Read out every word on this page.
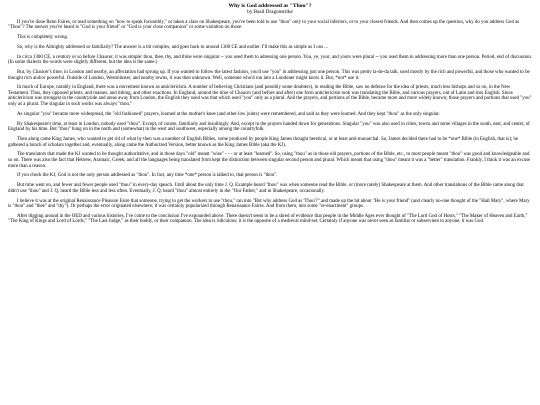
Why is God addressed as "Thou"?
by Basil Dragonstrike

If you've done Renn Faires, or read something on "how to speak forsoothly," or taken a class on Shakespeare, you've been told to use "thou" only to your social inferiors, or to your closest friends. And then comes up the question, why do you address God as "Thou"? The answer you've heard is "God is your friend" or "God is your close companion" or some variation on those.

This is completely wrong.

So, why is the Almighty addressed so familiarly? The answer is a bit complex, and goes back to around 1300 CE and earlier. I'll make this as simple as I can ...

In circa 1300 CE, a century or so before Chaucer, it was simple: thou, thee, thy, and thine were singular -- you used them to adressing one person. You, ye, your, and yours were plural -- you used them in addressing more than one person. Period, end of discussion. (In some dialects the words were slightly different, but the idea is the same.)

But, by Chaucer's time, in London and nearby, an affectation had sprung up. If you wanted to follow the latest fashion, you'd use "you" in addressing just one person. This was pretty la-de-da talk, used mostly by the rich and powerful, and those who wanted to be thought rich and/or powerful. Outside of London, Westminster, and nearby towns, it was then unknown. Well, someone who'd run into a Londoner might know it. But, *not* use it.

In much of Europe, notably in England, there was a movement known as anticlericism. A number of believing Christians (and possibly some doubters), in reading the Bible, saw no defense for the idea of priests, much less bishops and so on, in the New Testament. Thus, they opposed priests, and masses, and tithing, and other exactions. In England, around the time of Chaucer (and before and after) one form anticlericism took was translating the Bible, and various prayers, out of Latin and into English. Since anticlericism was strongest in the countryside and areas away from London, the English they used was that which used "you" only as a plural. And the prayers, and portions of the Bible, became more and more widely known; those prayers and portions that used "you" only as a plural. The singular in such works was always "thou."

As singular "you" became more widespread, the "old fashioned" prayers, learned at the mother's knee (and other low joints) were remembered, and said as they were learned. And they kept "thou" as the only singular.

By Shakespeare's time, at least in London, nobody used "thou". Except, of course, familiarly and insultingly. And, except in the prayers handed down for generations. Singular "you" was also used in cities, towns and some villages in the south, east, and center, of England by his time. But "thou" hung on in the north and (somewhat) in the west and southwest, especially among the countryfolk.

Then along came King James, who wanted to get rid of what by then was a number of English Bibles, some produced by people King James thought heretical, or at least anti-monarchal. So, James decided there had to be *one* Bible (in English, that is); he gathered a bunch of scholars together and, eventually, along came the Authorized Version, better known as the King James Bible (aka the KJ).

The translators that made the KJ wanted to be thought authoritative, and in those days "old" meant "wise" - - - or at least "learned". So, using "thou" as in those old prayers, portions of the Bible, etc., to most people meant "thou" was good and knowledgeable and so on. There was also the fact that Hebrew, Aramaic, Greek, and all the languages being translated from kept the distinction between singular second person and plural. Which meant that using "thou" meant it was a "better" translation. Frankly, I think it was an excuse more than a reason.

If you check the KJ, God is not the only person addressed as "thou". In fact, any time *one* person is talked to, that person is "thou".

But time went on, and fewer and fewer people used "thou" in every-day speach. Until about the only time J. Q. Example heard "thou" was when someone read the Bible, or (more rarely) Shakespeare at them. And other translations of the Bible came along that didn't use "thou" and J. Q. heard the Bible less and less often. Eventually, J. Q. heard "thou" almost entirely in the "Our Father," and in Shakespeare, occasionally.

I believe it was at the original Renaissance Pleasure Faire that someone, trying to get the workers to use "thou," ran into "But why address God as 'Thou'?" and made up the bit about "He is your friend" (and clearly no-one thought of the "Hail Mary", where Mary is "thou" and "thee" and "thy"). Or perhaps the error originated elsewhere; it was certainly popularized through Renaissance Faires. And from them, into some "re-enactment" groups.

After digging around in the OED and various histories, I've come to the conclusion I've expounded above. There doesn't seem to be a shred of evidence that people in the Middle Ages ever thought of "The Lord God of Hosts," "The Maker of Heaven and Earth," "The King of Kings and Lord of Lords," "The Last Judge," as their buddy, or their companion. The idea is ridiculous; it is the opposite of a medieval mind-set. Certainly if anyone was never seen as familiar or subservient to anyone, it was God.
